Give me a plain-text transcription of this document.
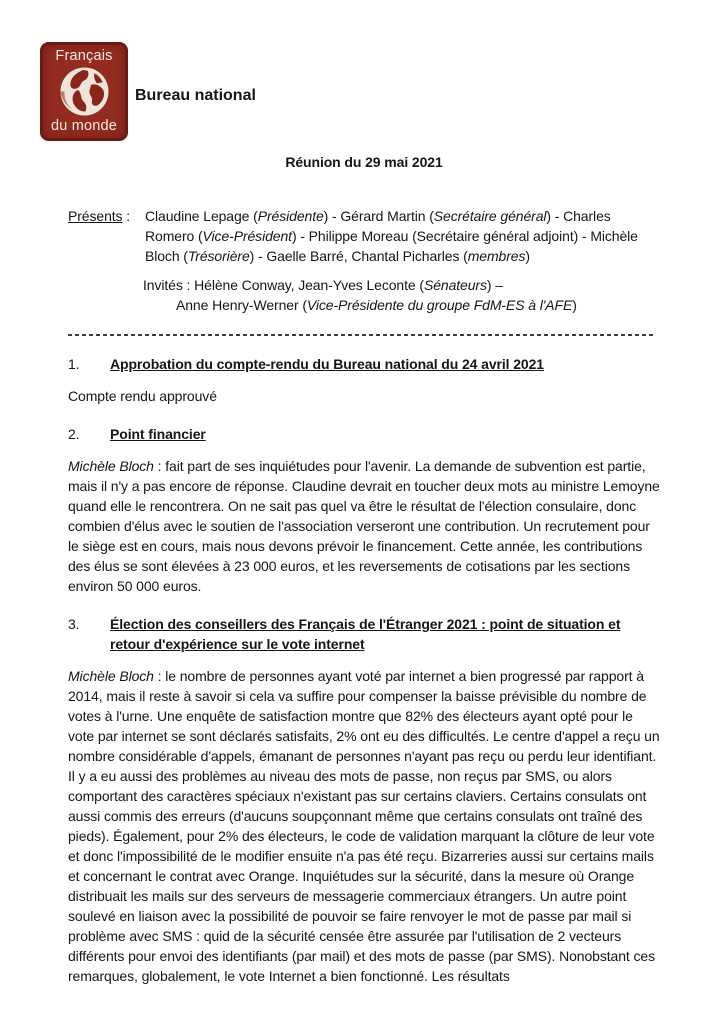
Français
du monde
Bureau national
Réunion du 29 mai 2021
Présents :	Claudine Lepage (Présidente) - Gérard Martin (Secrétaire général) - Charles Romero (Vice-Président) - Philippe Moreau (Secrétaire général adjoint) - Michèle Bloch (Trésorière) - Gaelle Barré, Chantal Picharles (membres)
Invités : Hélène Conway, Jean-Yves Leconte (Sénateurs) –
Anne Henry-Werner (Vice-Présidente du groupe FdM-ES à l'AFE)
1.	Approbation du compte-rendu du Bureau national du 24 avril 2021
Compte rendu approuvé
2.	Point financier
Michèle Bloch : fait part de ses inquiétudes pour l'avenir. La demande de subvention est partie, mais il n'y a pas encore de réponse. Claudine devrait en toucher deux mots au ministre Lemoyne quand elle le rencontrera. On ne sait pas quel va être le résultat de l'élection consulaire, donc combien d'élus avec le soutien de l'association verseront une contribution. Un recrutement pour le siège est en cours, mais nous devons prévoir le financement. Cette année, les contributions des élus se sont élevées à 23 000 euros, et les reversements de cotisations par les sections environ 50 000 euros.
3.	Élection des conseillers des Français de l'Étranger 2021 : point de situation et retour d'expérience sur le vote internet
Michèle Bloch : le nombre de personnes ayant voté par internet a bien progressé par rapport à 2014, mais il reste à savoir si cela va suffire pour compenser la baisse prévisible du nombre de votes à l'urne. Une enquête de satisfaction montre que 82% des électeurs ayant opté pour le vote par internet se sont déclarés satisfaits, 2% ont eu des difficultés. Le centre d'appel a reçu un nombre considérable d'appels, émanant de personnes n'ayant pas reçu ou perdu leur identifiant. Il y a eu aussi des problèmes au niveau des mots de passe, non reçus par SMS, ou alors comportant des caractères spéciaux n'existant pas sur certains claviers. Certains consulats ont aussi commis des erreurs (d'aucuns soupçonnant même que certains consulats ont traîné des pieds). Également, pour 2% des électeurs, le code de validation marquant la clôture de leur vote et donc l'impossibilité de le modifier ensuite n'a pas été reçu. Bizarreries aussi sur certains mails et concernant le contrat avec Orange. Inquiétudes sur la sécurité, dans la mesure où Orange distribuait les mails sur des serveurs de messagerie commerciaux étrangers. Un autre point soulevé en liaison avec la possibilité de pouvoir se faire renvoyer le mot de passe par mail si problème avec SMS : quid de la sécurité censée être assurée par l'utilisation de 2 vecteurs différents pour envoi des identifiants (par mail) et des mots de passe (par SMS). Nonobstant ces remarques, globalement, le vote Internet a bien fonctionné. Les résultats
